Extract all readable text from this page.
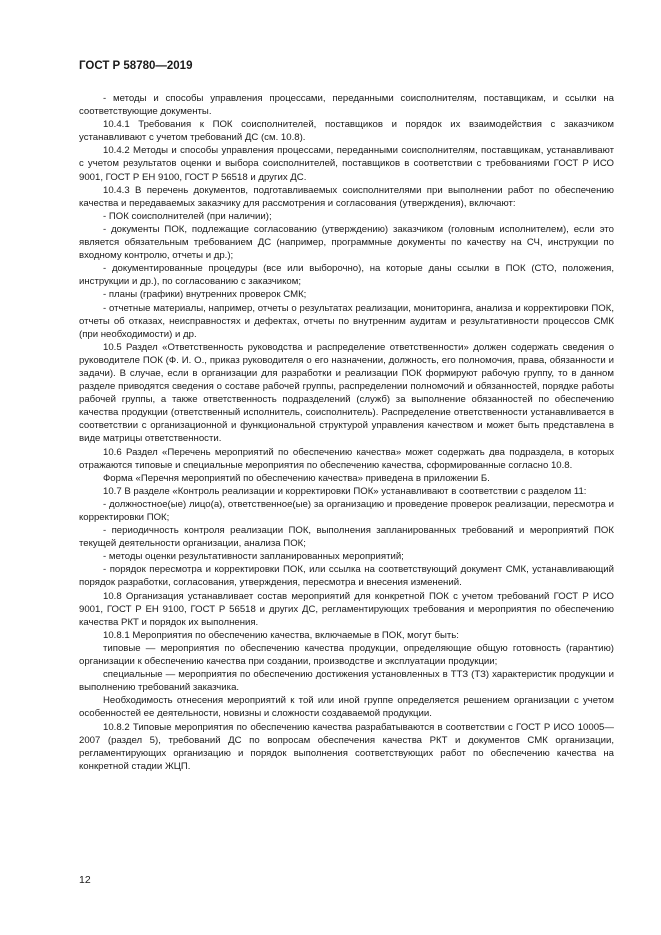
ГОСТ Р 58780—2019

- методы и способы управления процессами, переданными соисполнителям, поставщикам, и ссылки на соответствующие документы.

10.4.1 Требования к ПОК соисполнителей, поставщиков и порядок их взаимодействия с заказчиком устанавливают с учетом требований ДС (см. 10.8).

10.4.2 Методы и способы управления процессами, переданными соисполнителям, поставщикам, устанавливают с учетом результатов оценки и выбора соисполнителей, поставщиков в соответствии с требованиями ГОСТ Р ИСО 9001, ГОСТ Р ЕН 9100, ГОСТ Р 56518 и других ДС.

10.4.3 В перечень документов, подготавливаемых соисполнителями при выполнении работ по обеспечению качества и передаваемых заказчику для рассмотрения и согласования (утверждения), включают:

- ПОК соисполнителей (при наличии);

- документы ПОК, подлежащие согласованию (утверждению) заказчиком (головным исполнителем), если это является обязательным требованием ДС (например, программные документы по качеству на СЧ, инструкции по входному контролю, отчеты и др.);

- документированные процедуры (все или выборочно), на которые даны ссылки в ПОК (СТО, положения, инструкции и др.), по согласованию с заказчиком;

- планы (графики) внутренних проверок СМК;

- отчетные материалы, например, отчеты о результатах реализации, мониторинга, анализа и корректировки ПОК, отчеты об отказах, неисправностях и дефектах, отчеты по внутренним аудитам и результативности процессов СМК (при необходимости) и др.

10.5 Раздел «Ответственность руководства и распределение ответственности» должен содержать сведения о руководителе ПОК (Ф. И. О., приказ руководителя о его назначении, должность, его полномочия, права, обязанности и задачи). В случае, если в организации для разработки и реализации ПОК формируют рабочую группу, то в данном разделе приводятся сведения о составе рабочей группы, распределении полномочий и обязанностей, порядке работы рабочей группы, а также ответственность подразделений (служб) за выполнение обязанностей по обеспечению качества продукции (ответственный исполнитель, соисполнитель). Распределение ответственности устанавливается в соответствии с организационной и функциональной структурой управления качеством и может быть представлена в виде матрицы ответственности.

10.6 Раздел «Перечень мероприятий по обеспечению качества» может содержать два подраздела, в которых отражаются типовые и специальные мероприятия по обеспечению качества, сформированные согласно 10.8.

Форма «Перечня мероприятий по обеспечению качества» приведена в приложении Б.

10.7 В разделе «Контроль реализации и корректировки ПОК» устанавливают в соответствии с разделом 11:

- должностное(ые) лицо(а), ответственное(ые) за организацию и проведение проверок реализации, пересмотра и корректировки ПОК;

- периодичность контроля реализации ПОК, выполнения запланированных требований и мероприятий ПОК текущей деятельности организации, анализа ПОК;

- методы оценки результативности запланированных мероприятий;

- порядок пересмотра и корректировки ПОК, или ссылка на соответствующий документ СМК, устанавливающий порядок разработки, согласования, утверждения, пересмотра и внесения изменений.

10.8 Организация устанавливает состав мероприятий для конкретной ПОК с учетом требований ГОСТ Р ИСО 9001, ГОСТ Р ЕН 9100, ГОСТ Р 56518 и других ДС, регламентирующих требования и мероприятия по обеспечению качества РКТ и порядок их выполнения.

10.8.1 Мероприятия по обеспечению качества, включаемые в ПОК, могут быть:

типовые — мероприятия по обеспечению качества продукции, определяющие общую готовность (гарантию) организации к обеспечению качества при создании, производстве и эксплуатации продукции;

специальные — мероприятия по обеспечению достижения установленных в ТТЗ (ТЗ) характеристик продукции и выполнению требований заказчика.

Необходимость отнесения мероприятий к той или иной группе определяется решением организации с учетом особенностей ее деятельности, новизны и сложности создаваемой продукции.

10.8.2 Типовые мероприятия по обеспечению качества разрабатываются в соответствии с ГОСТ Р ИСО 10005—2007 (раздел 5), требований ДС по вопросам обеспечения качества РКТ и документов СМК организации, регламентирующих организацию и порядок выполнения соответствующих работ по обеспечению качества на конкретной стадии ЖЦП.

12
